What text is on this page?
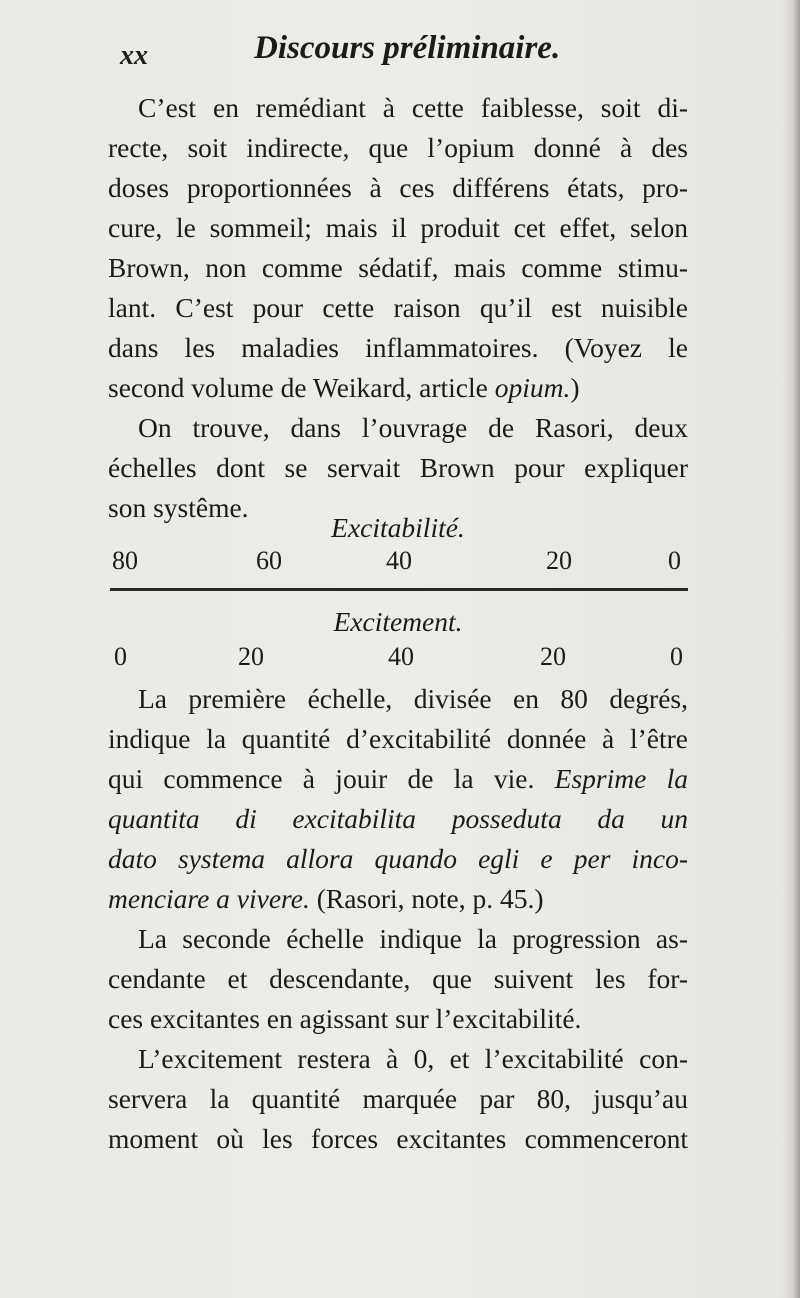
xx	Discours préliminaire.
C’est en remédiant à cette faiblesse, soit di-
recte, soit indirecte, que l’opium donné à des
doses proportionnées à ces différens états, pro-
cure, le sommeil; mais il produit cet effet, selon
Brown, non comme sédatif, mais comme stimu-
lant. C’est pour cette raison qu’il est nuisible
dans les maladies inflammatoires. (Voyez le
second volume de Weikard, article opium.)
On trouve, dans l’ouvrage de Rasori, deux
échelles dont se servait Brown pour expliquer
son systême.
Excitabilité.
80	60	40	20	0
Excitement.
0	20	40	20	0
La première échelle, divisée en 80 degrés,
indique la quantité d’excitabilité donnée à l’être
qui commence à jouir de la vie. Esprime la
quantita di excitabilita posseduta da un
dato systema allora quando egli e per inco-
menciare a vivere. (Rasori, note, p. 45.)
La seconde échelle indique la progression as-
cendante et descendante, que suivent les for-
ces excitantes en agissant sur l’excitabilité.
L’excitement restera à 0, et l’excitabilité con-
servera la quantité marquée par 80, jusqu’au
moment où les forces excitantes commenceront
